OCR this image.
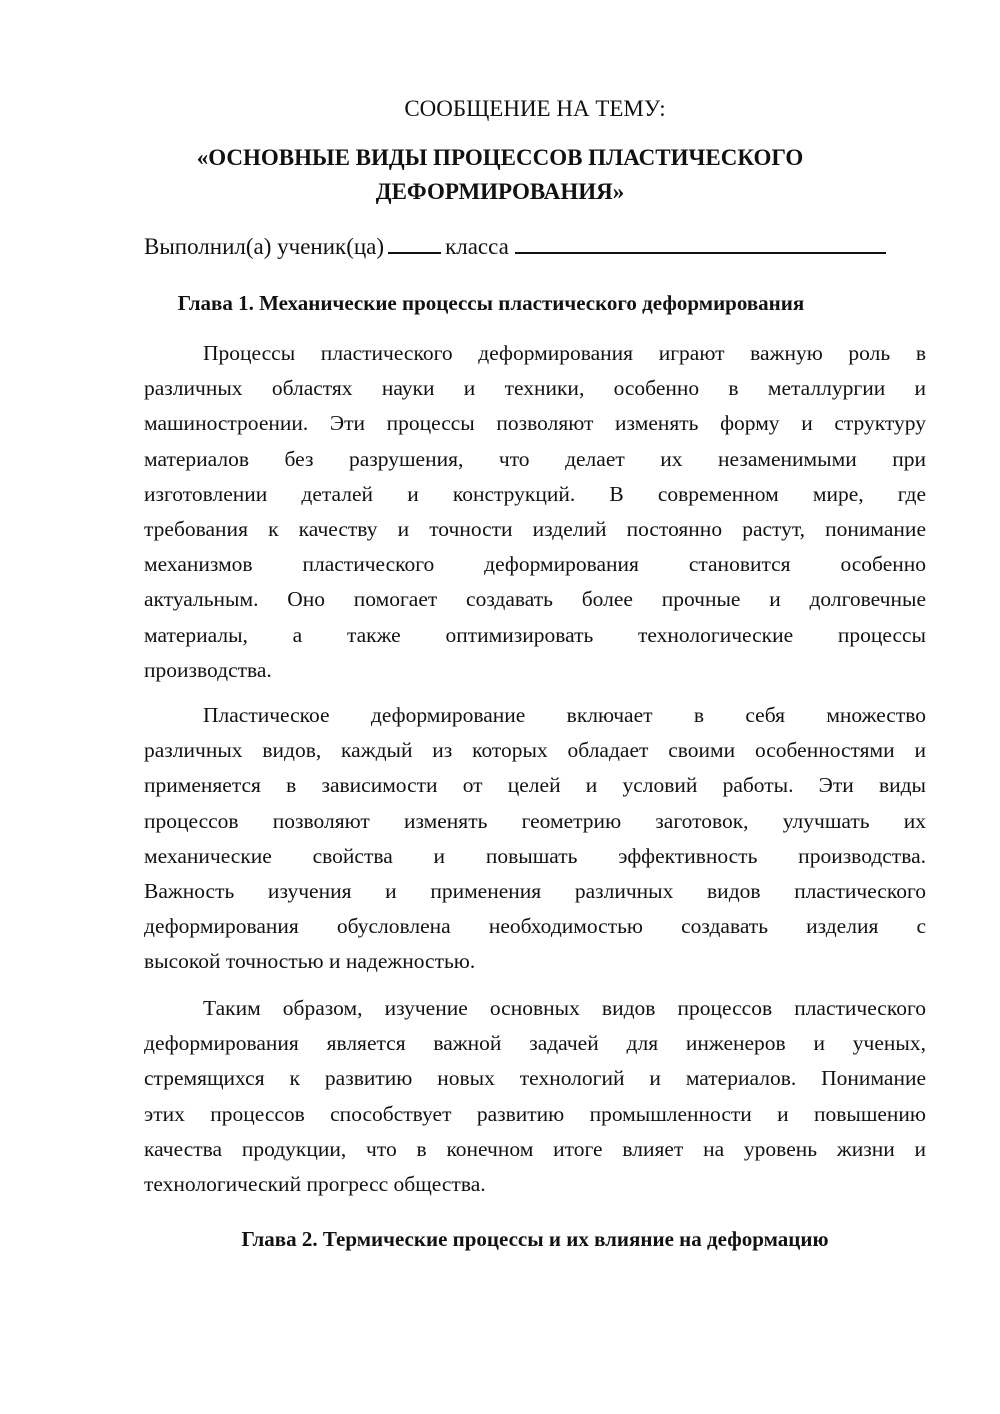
СООБЩЕНИЕ НА ТЕМУ:
«ОСНОВНЫЕ ВИДЫ ПРОЦЕССОВ ПЛАСТИЧЕСКОГО
ДЕФОРМИРОВАНИЯ»
Выполнил(а) ученик(ца)	класса
Глава 1. Механические процессы пластического деформирования
Процессы пластического деформирования играют важную роль в
различных областях науки и техники, особенно в металлургии и
машиностроении. Эти процессы позволяют изменять форму и структуру
материалов без разрушения, что делает их незаменимыми при
изготовлении деталей и конструкций. В современном мире, где
требования к качеству и точности изделий постоянно растут, понимание
механизмов пластического деформирования становится особенно
актуальным. Оно помогает создавать более прочные и долговечные
материалы, а также оптимизировать технологические процессы
производства.
Пластическое деформирование включает в себя множество
различных видов, каждый из которых обладает своими особенностями и
применяется в зависимости от целей и условий работы. Эти виды
процессов позволяют изменять геометрию заготовок, улучшать их
механические свойства и повышать эффективность производства.
Важность изучения и применения различных видов пластического
деформирования обусловлена необходимостью создавать изделия с
высокой точностью и надежностью.
Таким образом, изучение основных видов процессов пластического
деформирования является важной задачей для инженеров и ученых,
стремящихся к развитию новых технологий и материалов. Понимание
этих процессов способствует развитию промышленности и повышению
качества продукции, что в конечном итоге влияет на уровень жизни и
технологический прогресс общества.
Глава 2. Термические процессы и их влияние на деформацию
